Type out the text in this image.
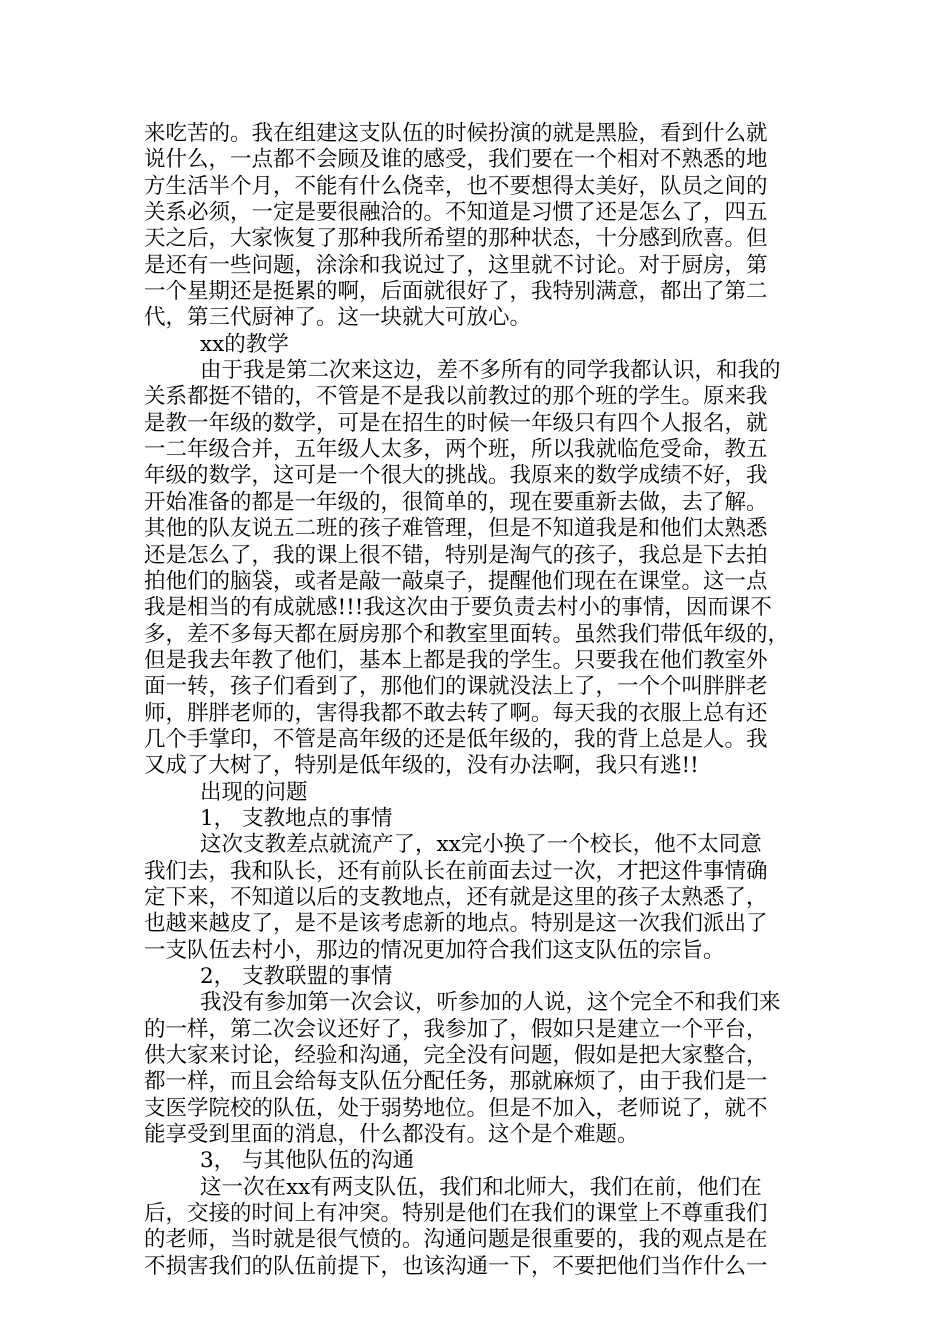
来吃苦的。我在组建这支队伍的时候扮演的就是黑脸，看到什么就
说什么，一点都不会顾及谁的感受，我们要在一个相对不熟悉的地
方生活半个月，不能有什么侥幸，也不要想得太美好，队员之间的
关系必须，一定是要很融洽的。不知道是习惯了还是怎么了，四五
天之后，大家恢复了那种我所希望的那种状态，十分感到欣喜。但
是还有一些问题，涂涂和我说过了，这里就不讨论。对于厨房，第
一个星期还是挺累的啊，后面就很好了，我特别满意，都出了第二
代，第三代厨神了。这一块就大可放心。
xx的教学
由于我是第二次来这边，差不多所有的同学我都认识，和我的
关系都挺不错的，不管是不是我以前教过的那个班的学生。原来我
是教一年级的数学，可是在招生的时候一年级只有四个人报名，就
一二年级合并，五年级人太多，两个班，所以我就临危受命，教五
年级的数学，这可是一个很大的挑战。我原来的数学成绩不好，我
开始准备的都是一年级的，很简单的，现在要重新去做，去了解。
其他的队友说五二班的孩子难管理，但是不知道我是和他们太熟悉
还是怎么了，我的课上很不错，特别是淘气的孩子，我总是下去拍
拍他们的脑袋，或者是敲一敲桌子，提醒他们现在在课堂。这一点
我是相当的有成就感!!!我这次由于要负责去村小的事情，因而课不
多，差不多每天都在厨房那个和教室里面转。虽然我们带低年级的，
但是我去年教了他们，基本上都是我的学生。只要我在他们教室外
面一转，孩子们看到了，那他们的课就没法上了，一个个叫胖胖老
师，胖胖老师的，害得我都不敢去转了啊。每天我的衣服上总有还
几个手掌印，不管是高年级的还是低年级的，我的背上总是人。我
又成了大树了，特别是低年级的，没有办法啊，我只有逃!!
出现的问题
1， 支教地点的事情
这次支教差点就流产了，xx完小换了一个校长，他不太同意
我们去，我和队长，还有前队长在前面去过一次，才把这件事情确
定下来，不知道以后的支教地点，还有就是这里的孩子太熟悉了，
也越来越皮了，是不是该考虑新的地点。特别是这一次我们派出了
一支队伍去村小，那边的情况更加符合我们这支队伍的宗旨。
2， 支教联盟的事情
我没有参加第一次会议，听参加的人说，这个完全不和我们来
的一样，第二次会议还好了，我参加了，假如只是建立一个平台，
供大家来讨论，经验和沟通，完全没有问题，假如是把大家整合，
都一样，而且会给每支队伍分配任务，那就麻烦了，由于我们是一
支医学院校的队伍，处于弱势地位。但是不加入，老师说了，就不
能享受到里面的消息，什么都没有。这个是个难题。
3， 与其他队伍的沟通
这一次在xx有两支队伍，我们和北师大，我们在前，他们在
后，交接的时间上有冲突。特别是他们在我们的课堂上不尊重我们
的老师，当时就是很气愤的。沟通问题是很重要的，我的观点是在
不损害我们的队伍前提下，也该沟通一下，不要把他们当作什么一
